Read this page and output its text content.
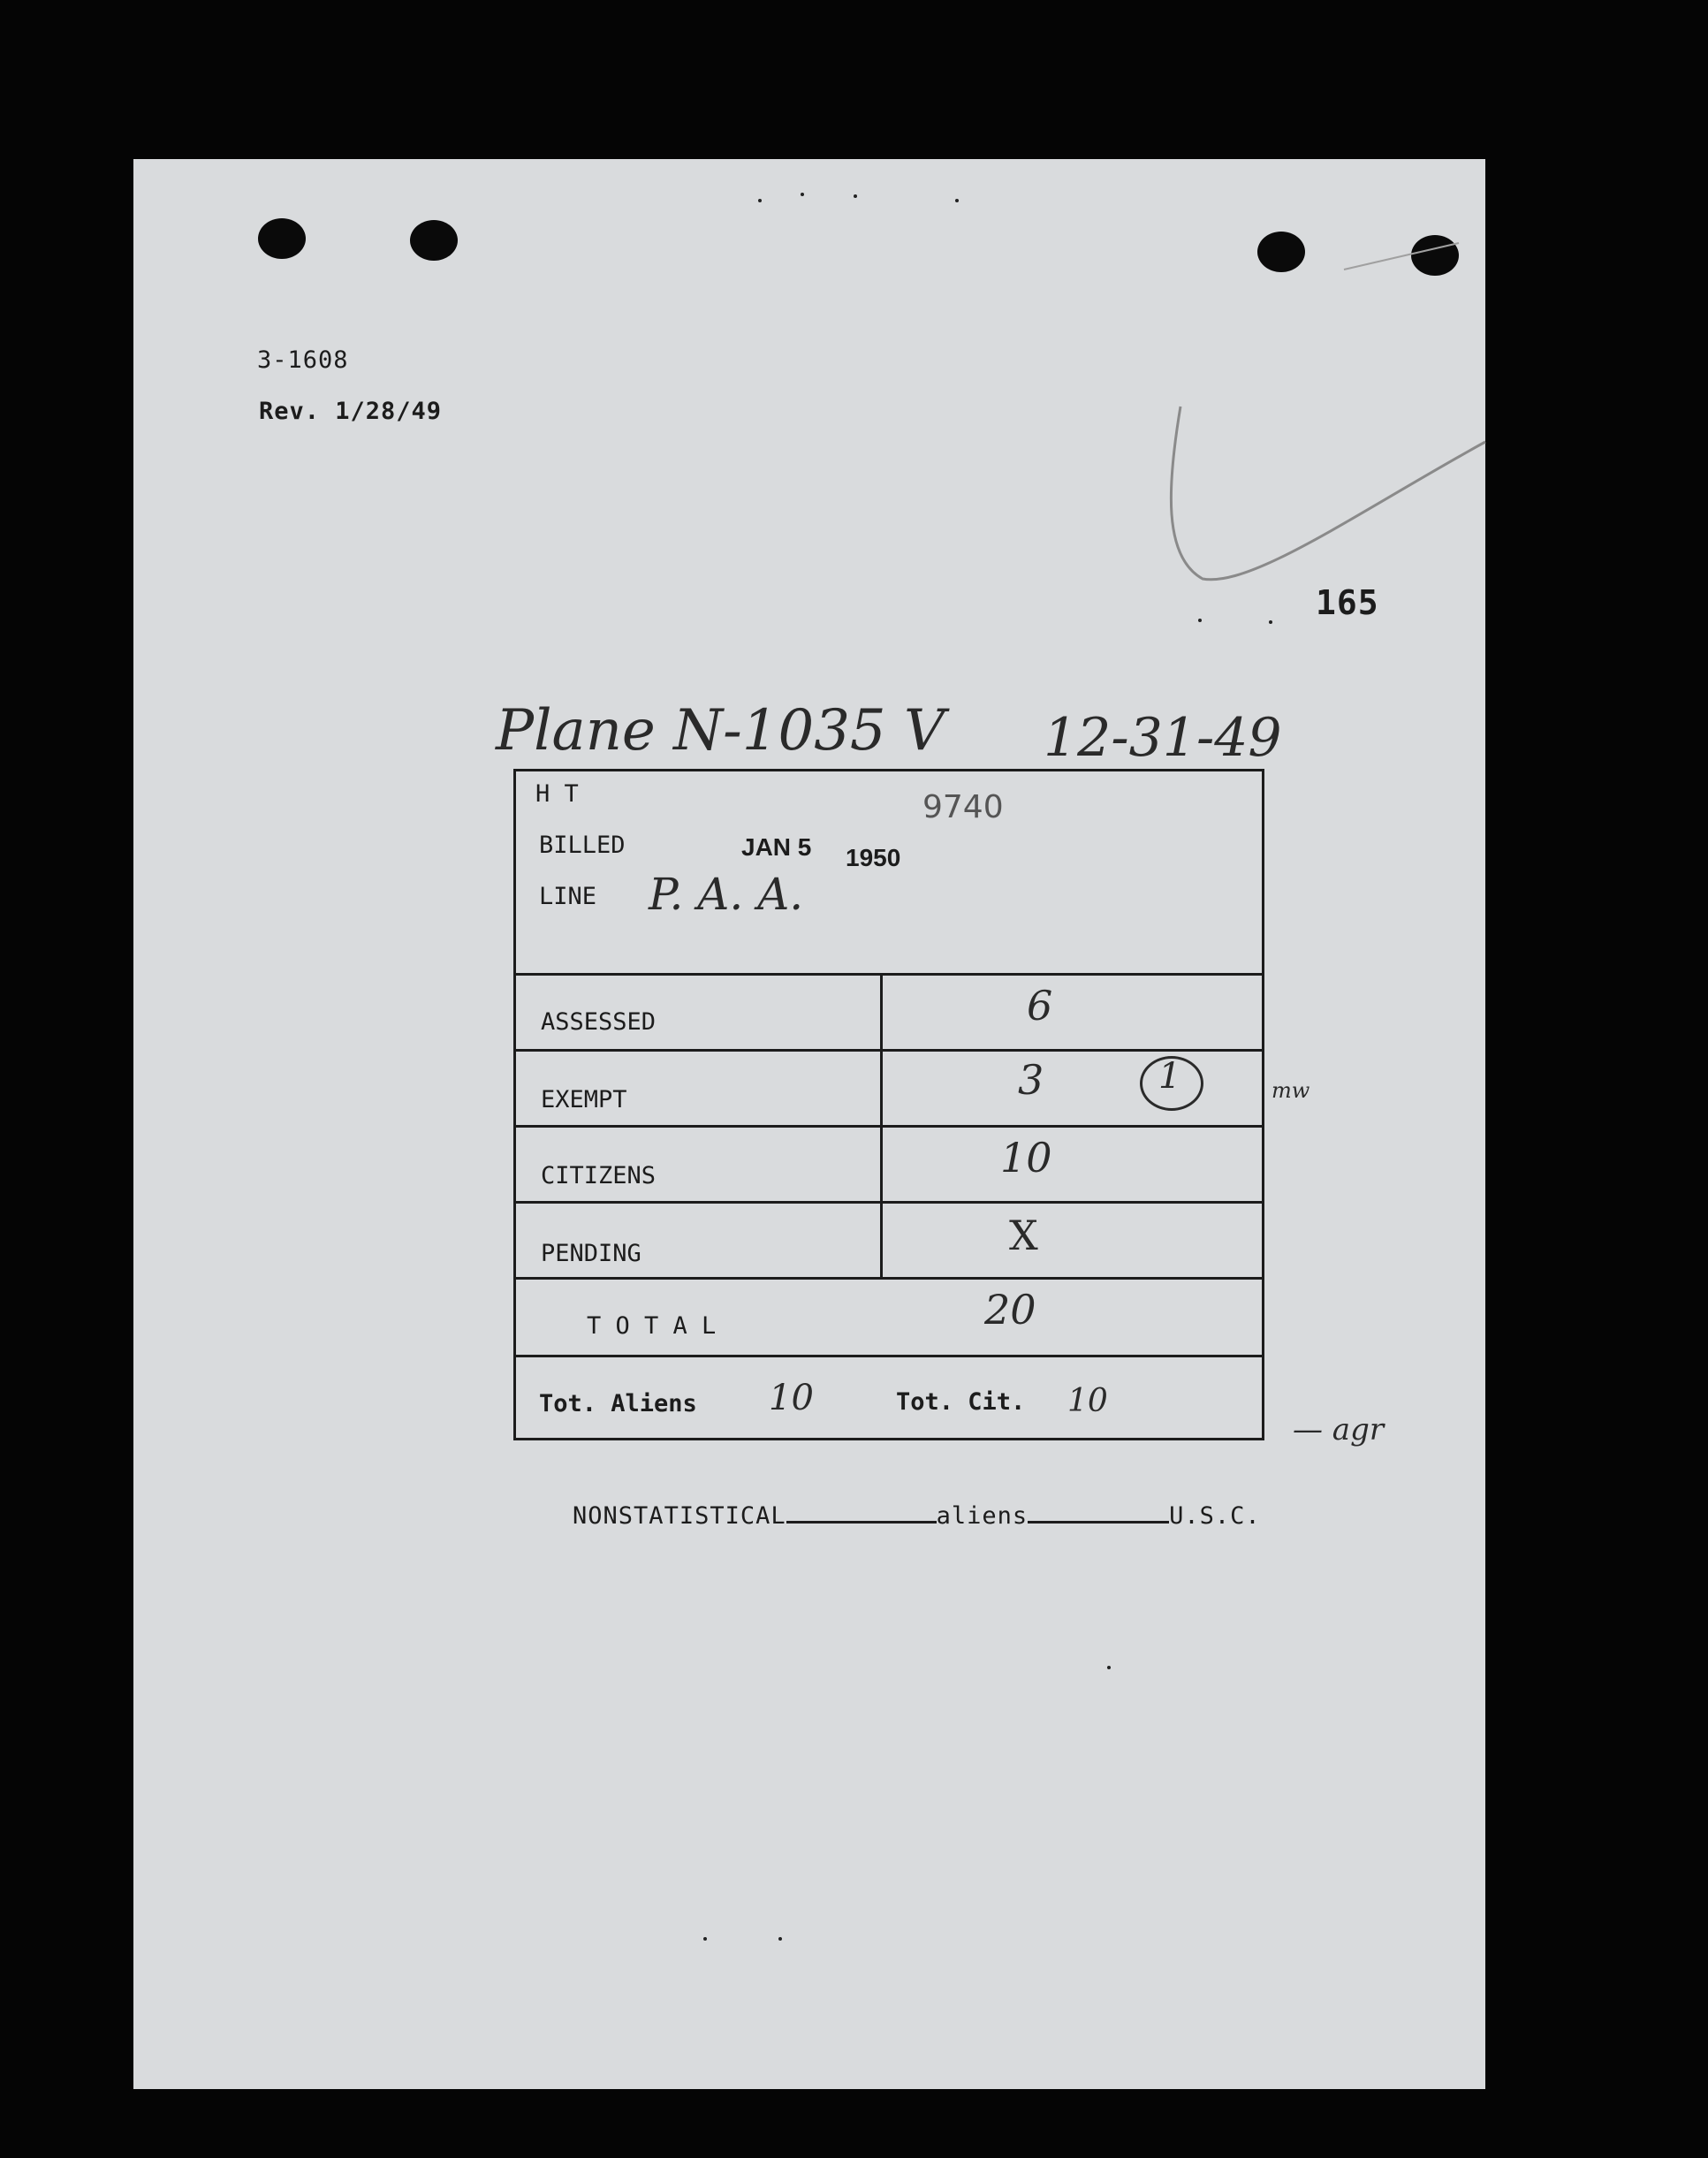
3-1608
Rev. 1/28/49
165
Plane N-1035 V 12-31-49
H T	9740
BILLED	JAN 5 1950
LINE P. A. A.
ASSESSED	6
EXEMPT	3	1
CITIZENS	10
PENDING	X
T O T A L	20
Tot. Aliens 10	Tot. Cit. 10
mw
— agr

NONSTATISTICAL	aliens	U.S.C.
